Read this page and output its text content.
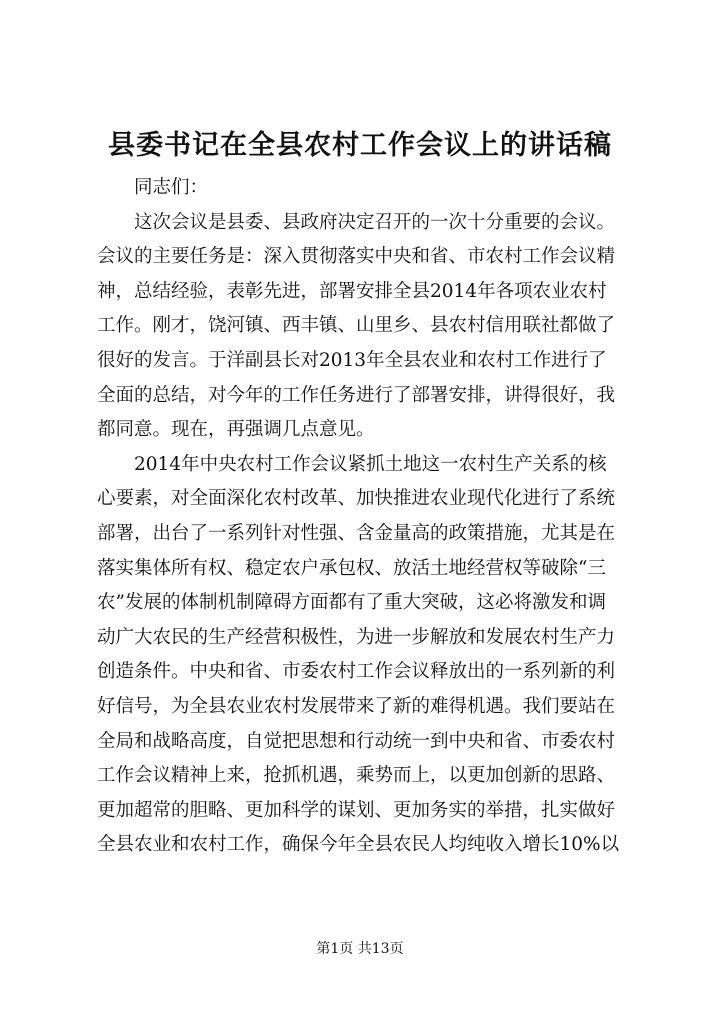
县委书记在全县农村工作会议上的讲话稿
同志们：
这次会议是县委、县政府决定召开的一次十分重要的会议。
会议的主要任务是：深入贯彻落实中央和省、市农村工作会议精
神，总结经验，表彰先进，部署安排全县2014年各项农业农村
工作。刚才，饶河镇、西丰镇、山里乡、县农村信用联社都做了
很好的发言。于洋副县长对2013年全县农业和农村工作进行了
全面的总结，对今年的工作任务进行了部署安排，讲得很好，我
都同意。现在，再强调几点意见。
2014年中央农村工作会议紧抓土地这一农村生产关系的核
心要素，对全面深化农村改革、加快推进农业现代化进行了系统
部署，出台了一系列针对性强、含金量高的政策措施，尤其是在
落实集体所有权、稳定农户承包权、放活土地经营权等破除“三
农”发展的体制机制障碍方面都有了重大突破，这必将激发和调
动广大农民的生产经营积极性，为进一步解放和发展农村生产力
创造条件。中央和省、市委农村工作会议释放出的一系列新的利
好信号，为全县农业农村发展带来了新的难得机遇。我们要站在
全局和战略高度，自觉把思想和行动统一到中央和省、市委农村
工作会议精神上来，抢抓机遇，乘势而上，以更加创新的思路、
更加超常的胆略、更加科学的谋划、更加务实的举措，扎实做好
全县农业和农村工作，确保今年全县农民人均纯收入增长10%以
第1页 共13页
